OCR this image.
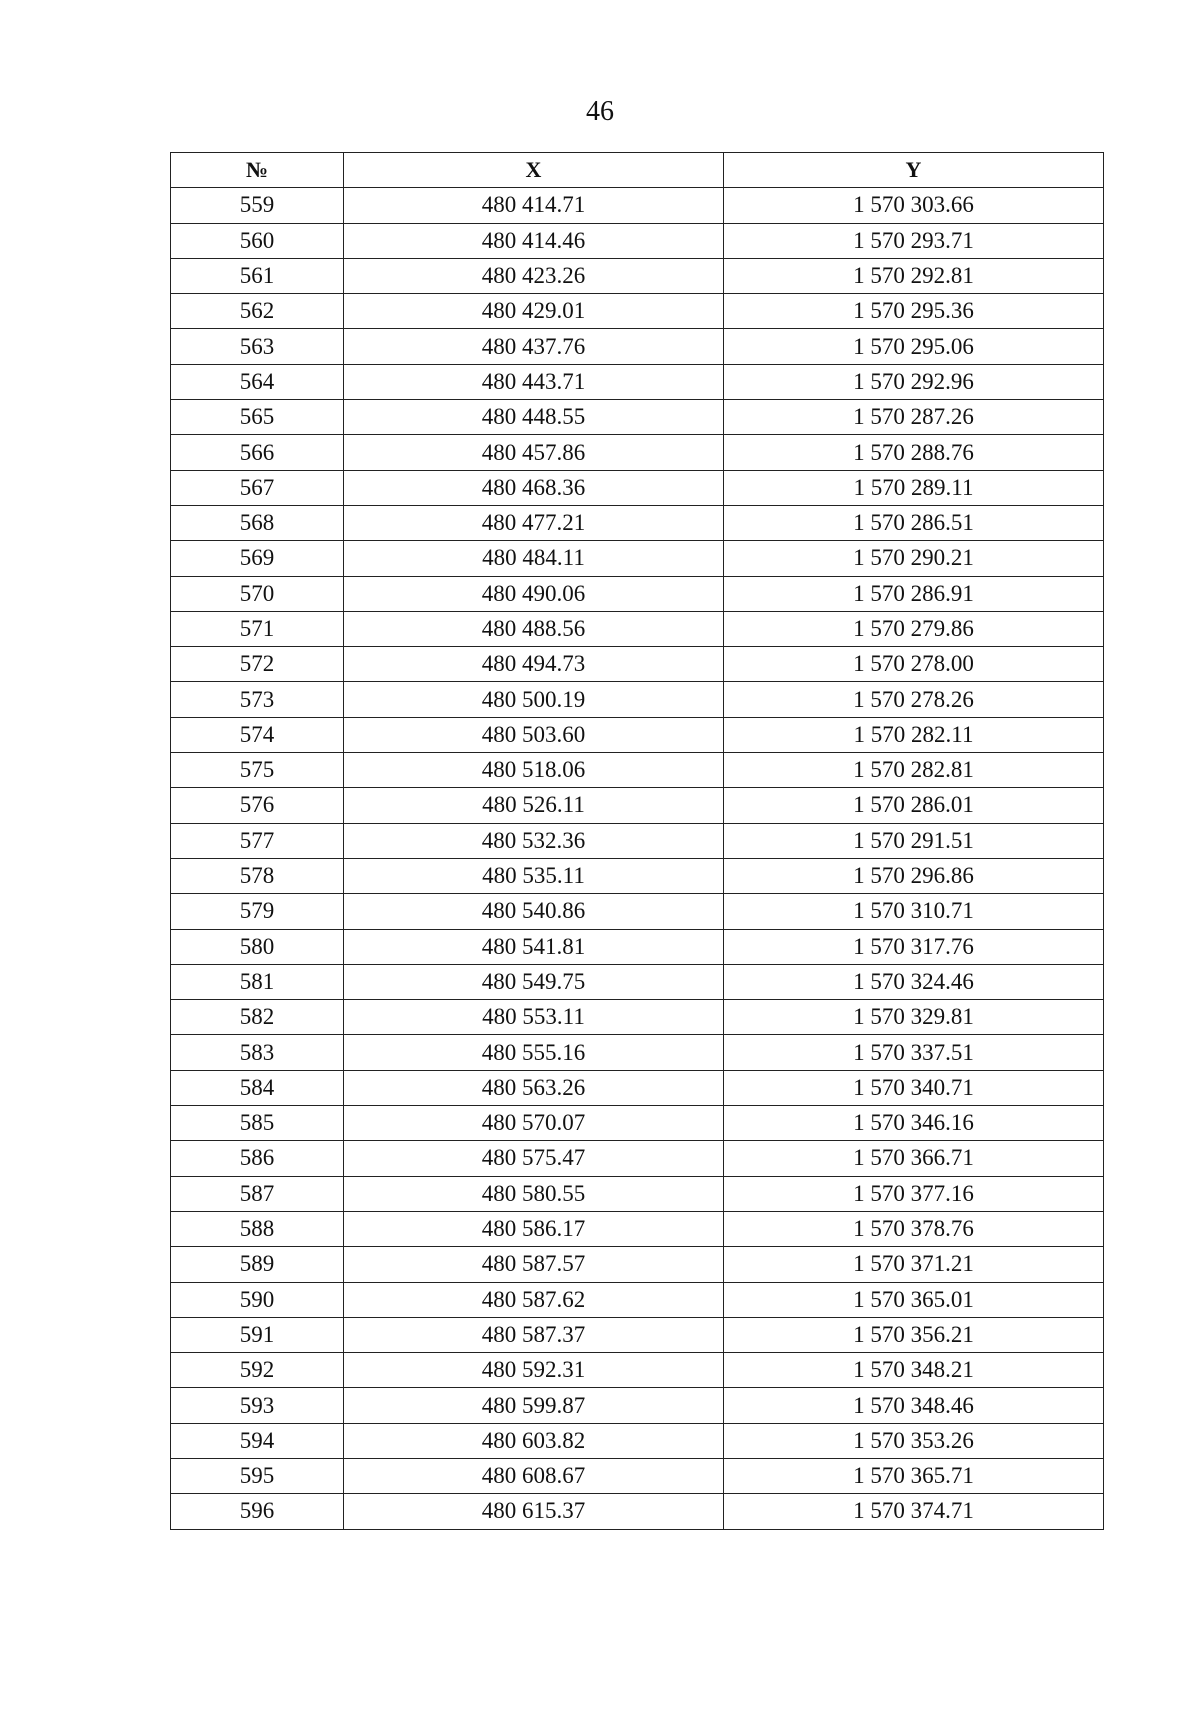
46
№	X	Y
559	480 414.71	1 570 303.66
560	480 414.46	1 570 293.71
561	480 423.26	1 570 292.81
562	480 429.01	1 570 295.36
563	480 437.76	1 570 295.06
564	480 443.71	1 570 292.96
565	480 448.55	1 570 287.26
566	480 457.86	1 570 288.76
567	480 468.36	1 570 289.11
568	480 477.21	1 570 286.51
569	480 484.11	1 570 290.21
570	480 490.06	1 570 286.91
571	480 488.56	1 570 279.86
572	480 494.73	1 570 278.00
573	480 500.19	1 570 278.26
574	480 503.60	1 570 282.11
575	480 518.06	1 570 282.81
576	480 526.11	1 570 286.01
577	480 532.36	1 570 291.51
578	480 535.11	1 570 296.86
579	480 540.86	1 570 310.71
580	480 541.81	1 570 317.76
581	480 549.75	1 570 324.46
582	480 553.11	1 570 329.81
583	480 555.16	1 570 337.51
584	480 563.26	1 570 340.71
585	480 570.07	1 570 346.16
586	480 575.47	1 570 366.71
587	480 580.55	1 570 377.16
588	480 586.17	1 570 378.76
589	480 587.57	1 570 371.21
590	480 587.62	1 570 365.01
591	480 587.37	1 570 356.21
592	480 592.31	1 570 348.21
593	480 599.87	1 570 348.46
594	480 603.82	1 570 353.26
595	480 608.67	1 570 365.71
596	480 615.37	1 570 374.71
